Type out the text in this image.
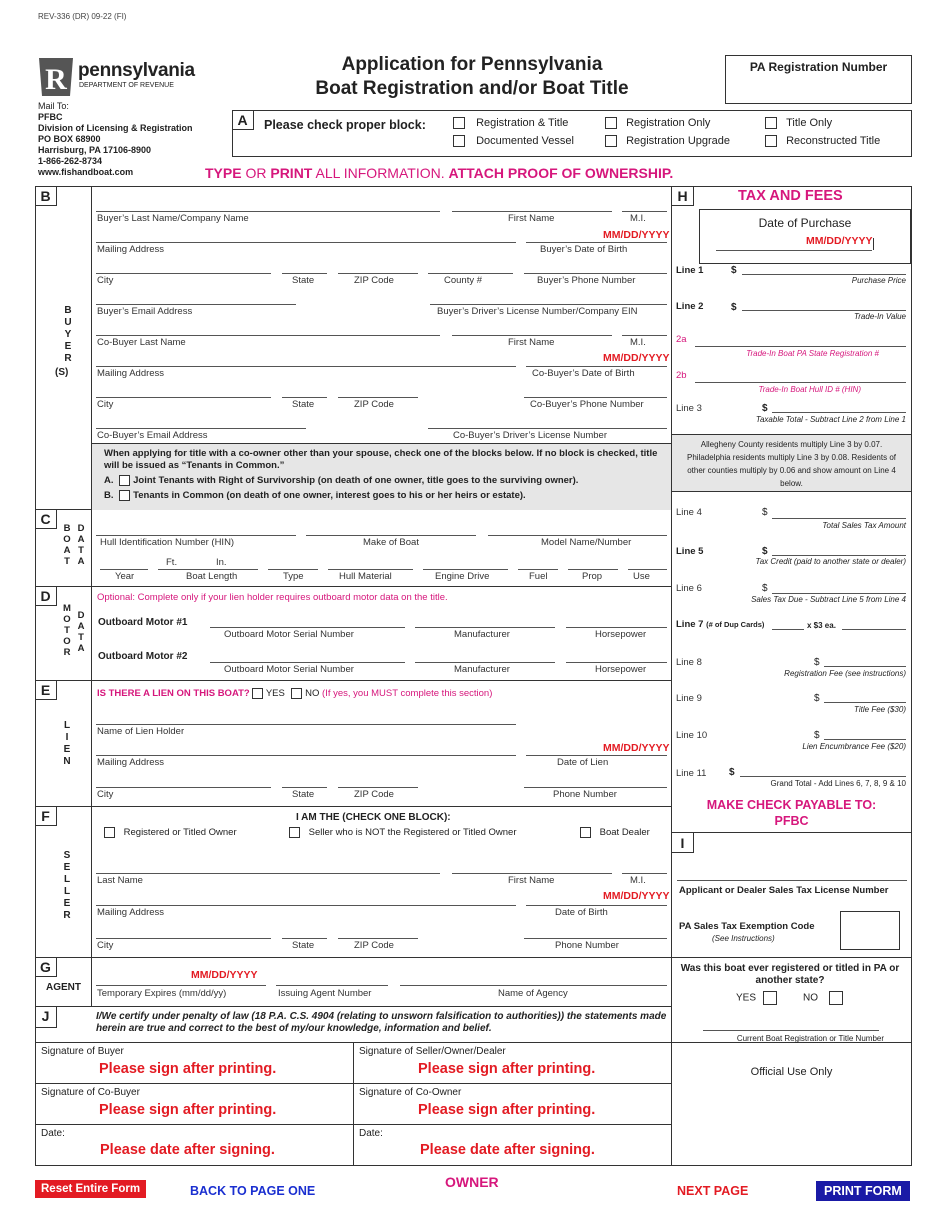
REV-336 (DR) 09-22 (FI)
R pennsylvania
DEPARTMENT OF REVENUE
Mail To:
PFBC
Division of Licensing & Registration
PO BOX 68900
Harrisburg, PA 17106-8900
1-866-262-8734
www.fishandboat.com
Application for Pennsylvania
Boat Registration and/or Boat Title
PA Registration Number
A	Please check proper block:	Registration & Title	Registration Only	Title Only
Documented Vessel	Registration Upgrade	Reconstructed Title
TYPE OR PRINT ALL INFORMATION. ATTACH PROOF OF OWNERSHIP.
B
B
U
Y
E
R
(S)
Buyer’s Last Name/Company Name	First Name	M.I.
MM/DD/YYYY
Mailing Address	Buyer’s Date of Birth
City	State	ZIP Code	County #	Buyer’s Phone Number
Buyer’s Email Address	Buyer’s Driver’s License Number/Company EIN
Co-Buyer Last Name	First Name	M.I.
MM/DD/YYYY
Mailing Address	Co-Buyer’s Date of Birth
City	State	ZIP Code	Co-Buyer’s Phone Number
Co-Buyer’s Email Address	Co-Buyer’s Driver’s License Number
When applying for title with a co-owner other than your spouse, check one of the blocks below. If no block is checked, title will be issued as “Tenants in Common.”
A. Joint Tenants with Right of Survivorship (on death of one owner, title goes to the surviving owner).
B. Tenants in Common (on death of one owner, interest goes to his or her heirs or estate).
C
B
O
A
T
D
A
T
A
Hull Identification Number (HIN)	Make of Boat	Model Name/Number
Ft.	In.
Year	Boat Length	Type	Hull Material	Engine Drive	Fuel	Prop	Use
D
M
O
T
O
R
D
A
T
A
Optional: Complete only if your lien holder requires outboard motor data on the title.
Outboard Motor #1
Outboard Motor Serial Number	Manufacturer	Horsepower
Outboard Motor #2
Outboard Motor Serial Number	Manufacturer	Horsepower
E
L
I
E
N
IS THERE A LIEN ON THIS BOAT? YES NO (If yes, you MUST complete this section)
Name of Lien Holder
MM/DD/YYYY
Mailing Address	Date of Lien
City	State	ZIP Code	Phone Number
F
S
E
L
L
E
R
I AM THE (CHECK ONE BLOCK):
Registered or Titled Owner	Seller who is NOT the Registered or Titled Owner	Boat Dealer
Last Name	First Name	M.I.
MM/DD/YYYY
Mailing Address	Date of Birth
City	State	ZIP Code	Phone Number
G
AGENT
MM/DD/YYYY
Temporary Expires (mm/dd/yy)	Issuing Agent Number	Name of Agency
J	I/We certify under penalty of law (18 P.A. C.S. 4904 (relating to unsworn falsification to authorities)) the statements made herein are true and correct to the best of my/our knowledge, information and belief.
Signature of Buyer
Please sign after printing.
Signature of Seller/Owner/Dealer
Please sign after printing.
Signature of Co-Buyer
Please sign after printing.
Signature of Co-Owner
Please sign after printing.
Date:
Please date after signing.
Date:
Please date after signing.
H	TAX AND FEES
Date of Purchase
MM/DD/YYYY
Line 1	$
Purchase Price
Line 2	$
Trade-In Value
2a
Trade-In Boat PA State Registration #
2b
Trade-In Boat Hull ID # (HIN)
Line 3	$
Taxable Total - Subtract Line 2 from Line 1
Allegheny County residents multiply Line 3 by 0.07. Philadelphia residents multiply Line 3 by 0.08. Residents of other counties multiply by 0.06 and show amount on Line 4 below.
Line 4	$
Total Sales Tax Amount
Line 5	$
Tax Credit (paid to another state or dealer)
Line 6	$
Sales Tax Due - Subtract Line 5 from Line 4
Line 7 (# of Dup Cards)	x $3 ea.
Line 8	$
Registration Fee (see instructions)
Line 9	$
Title Fee ($30)
Line 10	$
Lien Encumbrance Fee ($20)
Line 11 $
Grand Total - Add Lines 6, 7, 8, 9 & 10
MAKE CHECK PAYABLE TO:
PFBC
I
Applicant or Dealer Sales Tax License Number
PA Sales Tax Exemption Code
(See Instructions)
Was this boat ever registered or titled in PA or another state?
YES	NO
Current Boat Registration or Title Number
Official Use Only
Reset Entire Form	BACK TO PAGE ONE
OWNER
NEXT PAGE	PRINT FORM
